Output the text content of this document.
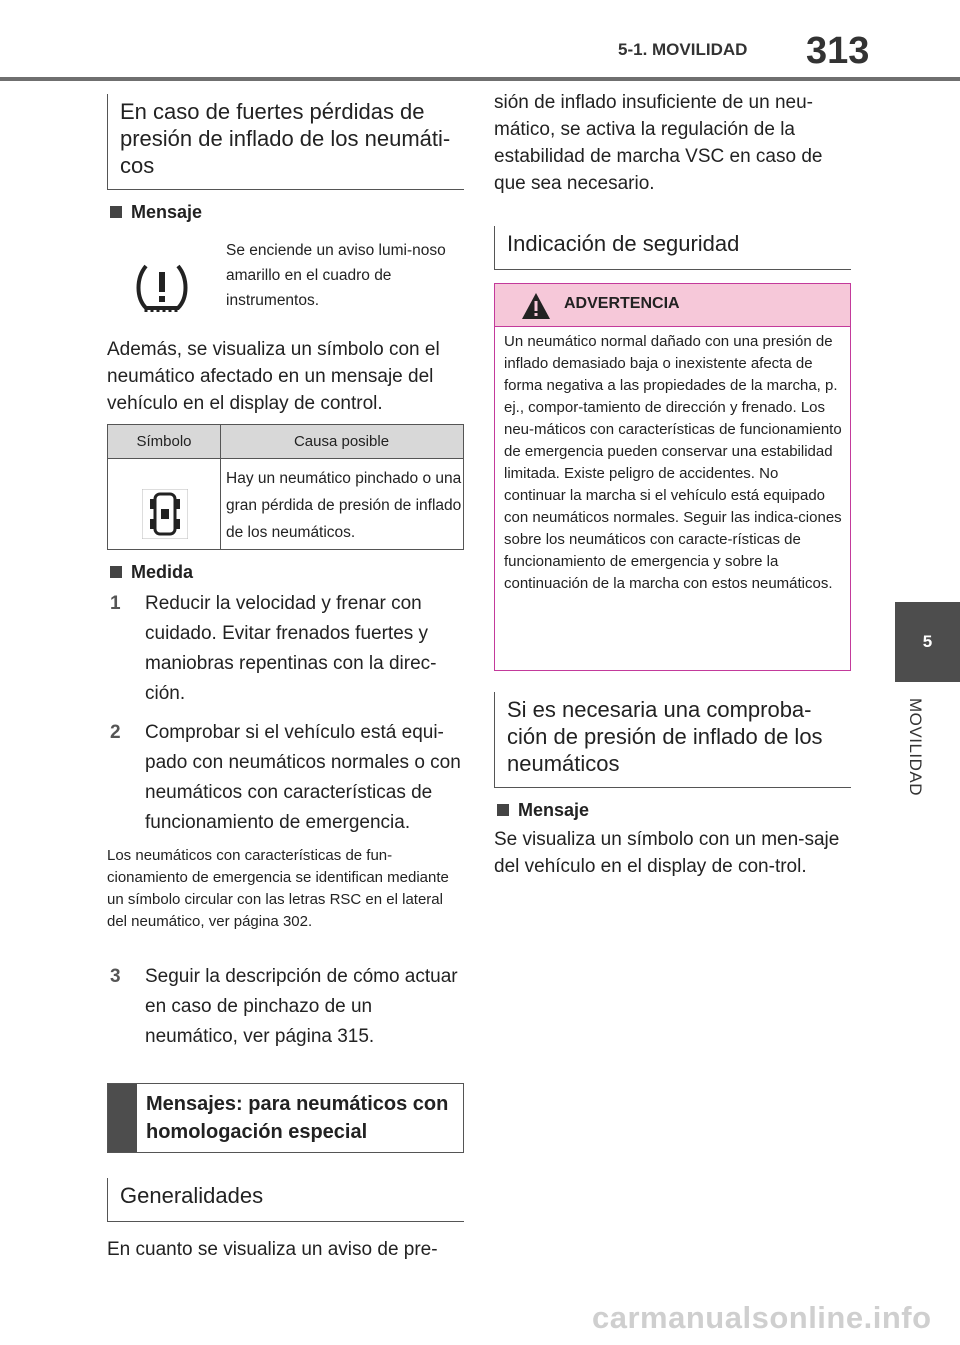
5-1. MOVILIDAD 313
5
MOVILIDAD
En caso de fuertes pérdidas de presión de inflado de los neumáti-cos
Mensaje
Se enciende un aviso lumi-noso amarillo en el cuadro de instrumentos.
Además, se visualiza un símbolo con el neumático afectado en un mensaje del vehículo en el display de control.
Símbolo	Causa posible
Hay un neumático pinchado o una gran pérdida de presión de inflado de los neumáticos.
Medida
1 Reducir la velocidad y frenar con cuidado. Evitar frenados fuertes y maniobras repentinas con la direc-ción.
2 Comprobar si el vehículo está equi-pado con neumáticos normales o con neumáticos con características de funcionamiento de emergencia.
Los neumáticos con características de fun-cionamiento de emergencia se identifican mediante un símbolo circular con las letras RSC en el lateral del neumático, ver página 302.
3 Seguir la descripción de cómo actuar en caso de pinchazo de un neumático, ver página 315.
Mensajes: para neumáticos con homologación especial
Generalidades
En cuanto se visualiza un aviso de pre-
sión de inflado insuficiente de un neu-mático, se activa la regulación de la estabilidad de marcha VSC en caso de que sea necesario.
Indicación de seguridad
ADVERTENCIA
Un neumático normal dañado con una presión de inflado demasiado baja o inexistente afecta de forma negativa a las propiedades de la marcha, p. ej., compor-tamiento de dirección y frenado. Los neu-máticos con características de funcionamiento de emergencia pueden conservar una estabilidad limitada. Existe peligro de accidentes. No continuar la marcha si el vehículo está equipado con neumáticos normales. Seguir las indica-ciones sobre los neumáticos con caracte-rísticas de funcionamiento de emergencia y sobre la continuación de la marcha con estos neumáticos.
Si es necesaria una comproba-ción de presión de inflado de los neumáticos
Mensaje
Se visualiza un símbolo con un men-saje del vehículo en el display de con-trol.
carmanualsonline.info
